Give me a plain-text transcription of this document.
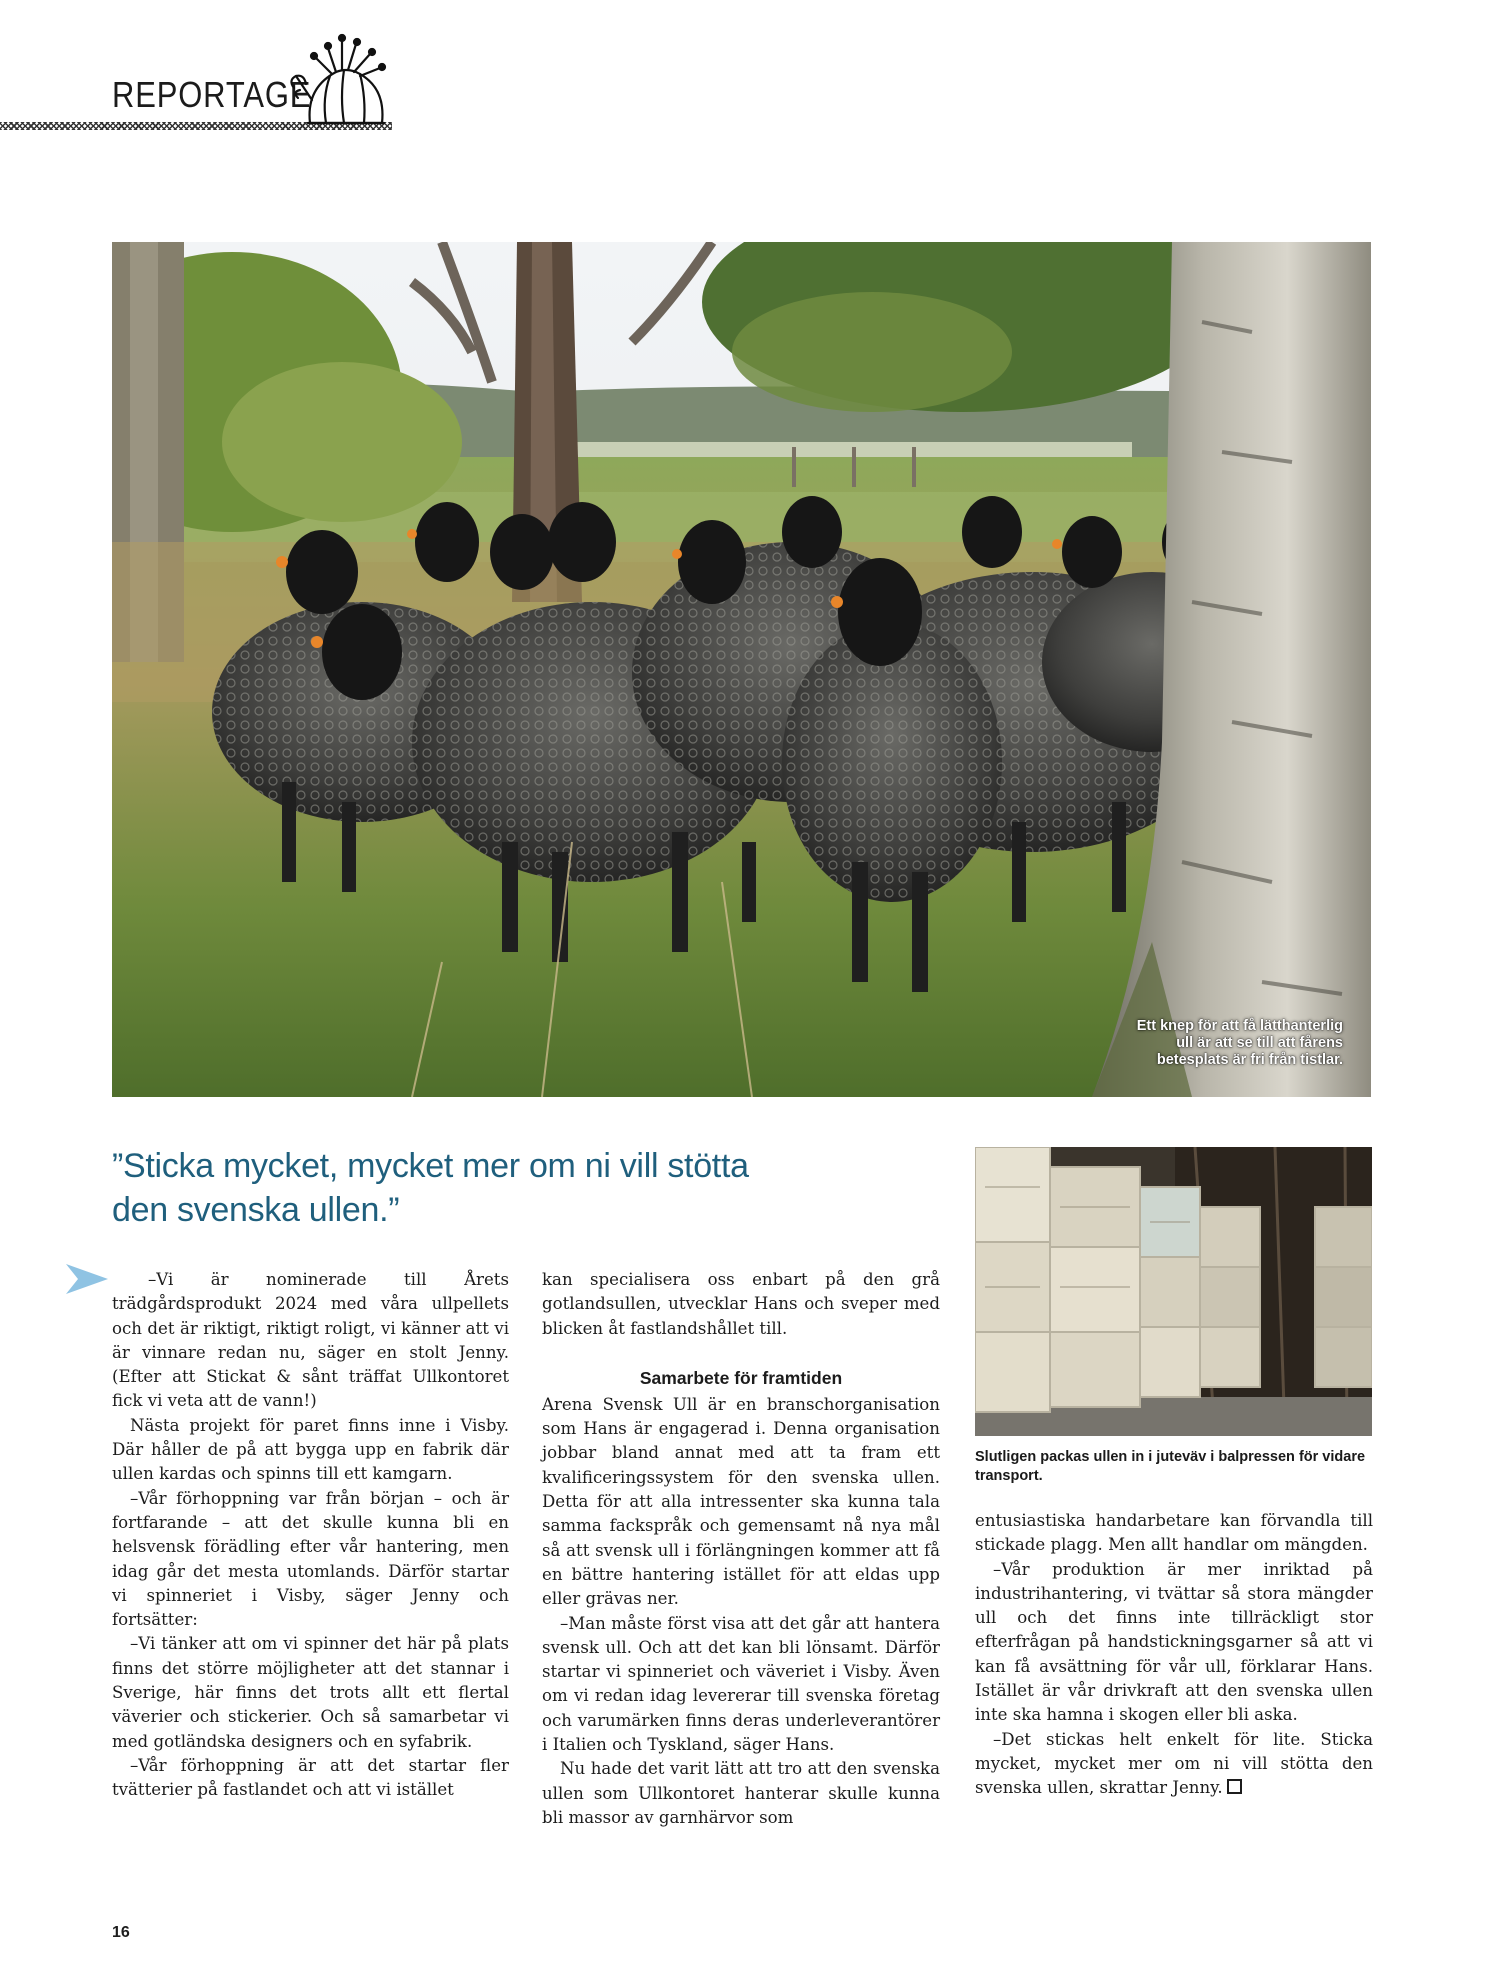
REPORTAGE
Ett knep för att få lätthanterlig ull är att se till att fårens betesplats är fri från tistlar.
”Sticka mycket, mycket mer om ni vill stötta den svenska ullen.”

–Vi är nominerade till Årets trädgårdsprodukt 2024 med våra ullpellets och det är riktigt, riktigt roligt, vi känner att vi är vinnare redan nu, säger en stolt Jenny. (Efter att Stickat & sånt träffat Ullkontoret fick vi veta att de vann!)

Nästa projekt för paret finns inne i Visby. Där håller de på att bygga upp en fabrik där ullen kardas och spinns till ett kamgarn.

–Vår förhoppning var från början – och är fortfarande – att det skulle kunna bli en helsvensk förädling efter vår hantering, men idag går det mesta utomlands. Därför startar vi spinneriet i Visby, säger Jenny och fortsätter:

–Vi tänker att om vi spinner det här på plats finns det större möjligheter att det stannar i Sverige, här finns det trots allt ett flertal väverier och stickerier. Och så samarbetar vi med gotländska designers och en syfabrik.

–Vår förhoppning är att det startar fler tvätterier på fastlandet och att vi istället

kan specialisera oss enbart på den grå gotlandsullen, utvecklar Hans och sveper med blicken åt fastlandshållet till.

Samarbete för framtiden

Arena Svensk Ull är en branschorganisation som Hans är engagerad i. Denna organisation jobbar bland annat med att ta fram ett kvalificeringssystem för den svenska ullen. Detta för att alla intressenter ska kunna tala samma fackspråk och gemensamt nå nya mål så att svensk ull i förlängningen kommer att få en bättre hantering istället för att eldas upp eller grävas ner.

–Man måste först visa att det går att hantera svensk ull. Och att det kan bli lönsamt. Därför startar vi spinneriet och väveriet i Visby. Även om vi redan idag levererar till svenska företag och varumärken finns deras underleverantörer i Italien och Tyskland, säger Hans.

Nu hade det varit lätt att tro att den svenska ullen som Ullkontoret hanterar skulle kunna bli massor av garnhärvor som

Slutligen packas ullen in i juteväv i balpressen för vidare transport.

entusiastiska handarbetare kan förvandla till stickade plagg. Men allt handlar om mängden.

–Vår produktion är mer inriktad på industrihantering, vi tvättar så stora mängder ull och det finns inte tillräckligt stor efterfrågan på handstickningsgarner så att vi kan få avsättning för vår ull, förklarar Hans. Istället är vår drivkraft att den svenska ullen inte ska hamna i skogen eller bli aska.

–Det stickas helt enkelt för lite. Sticka mycket, mycket mer om ni vill stötta den svenska ullen, skrattar Jenny.

16
